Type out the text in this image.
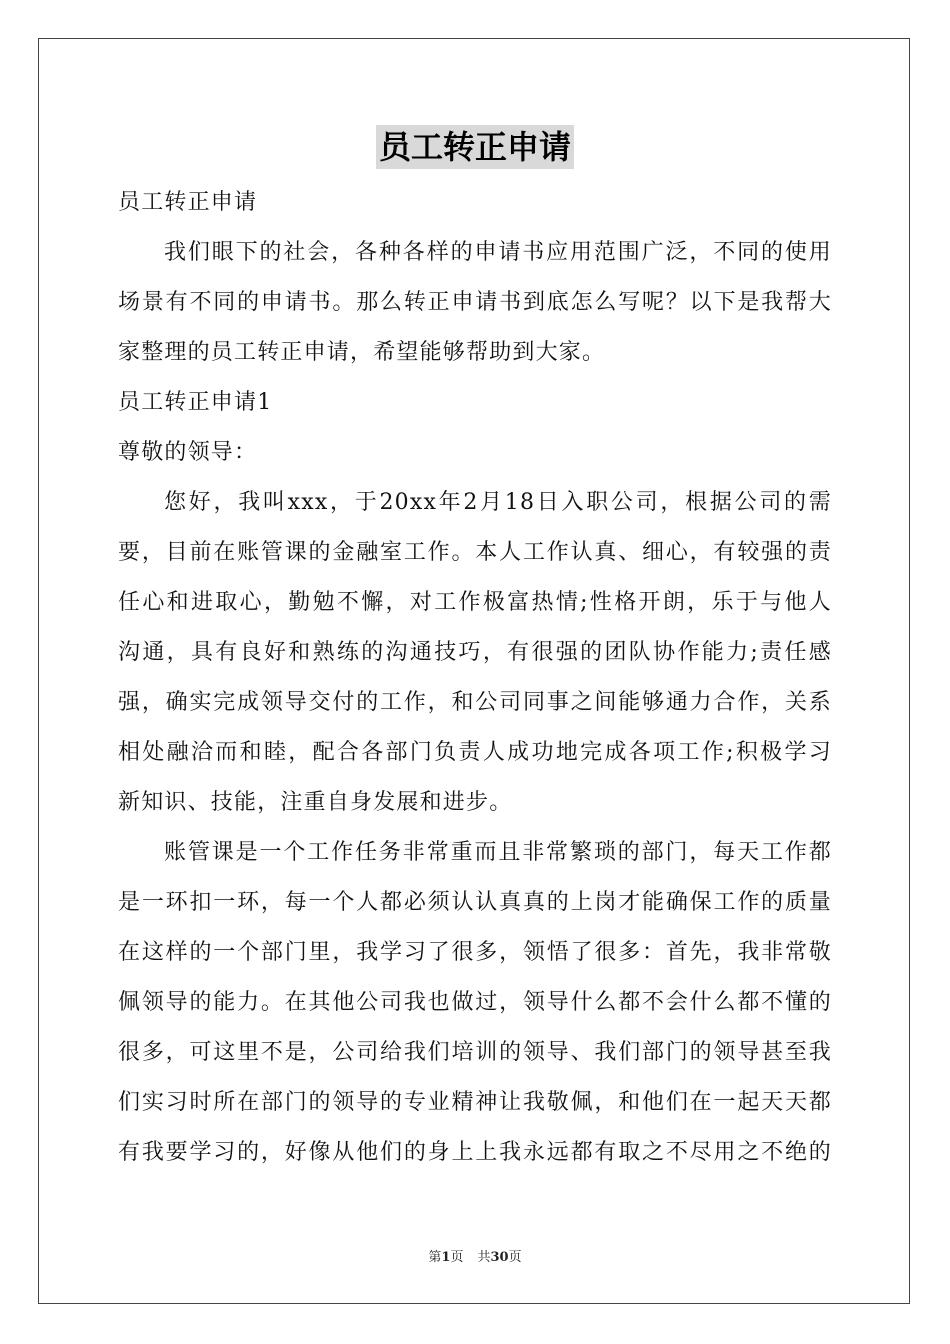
员工转正申请
员工转正申请
我们眼下的社会，各种各样的申请书应用范围广泛，不同的使用
场景有不同的申请书。那么转正申请书到底怎么写呢？以下是我帮大
家整理的员工转正申请，希望能够帮助到大家。
员工转正申请1
尊敬的领导：
您好，我叫xxx，于20xx年2月18日入职公司，根据公司的需
要，目前在账管课的金融室工作。本人工作认真、细心，有较强的责
任心和进取心，勤勉不懈，对工作极富热情;性格开朗，乐于与他人
沟通，具有良好和熟练的沟通技巧，有很强的团队协作能力;责任感
强，确实完成领导交付的工作，和公司同事之间能够通力合作，关系
相处融洽而和睦，配合各部门负责人成功地完成各项工作;积极学习
新知识、技能，注重自身发展和进步。
账管课是一个工作任务非常重而且非常繁琐的部门，每天工作都
是一环扣一环，每一个人都必须认认真真的上岗才能确保工作的质量
在这样的一个部门里，我学习了很多，领悟了很多：首先，我非常敬
佩领导的能力。在其他公司我也做过，领导什么都不会什么都不懂的
很多，可这里不是，公司给我们培训的领导、我们部门的领导甚至我
们实习时所在部门的领导的专业精神让我敬佩，和他们在一起天天都
有我要学习的，好像从他们的身上上我永远都有取之不尽用之不绝的
第1页 共30页
